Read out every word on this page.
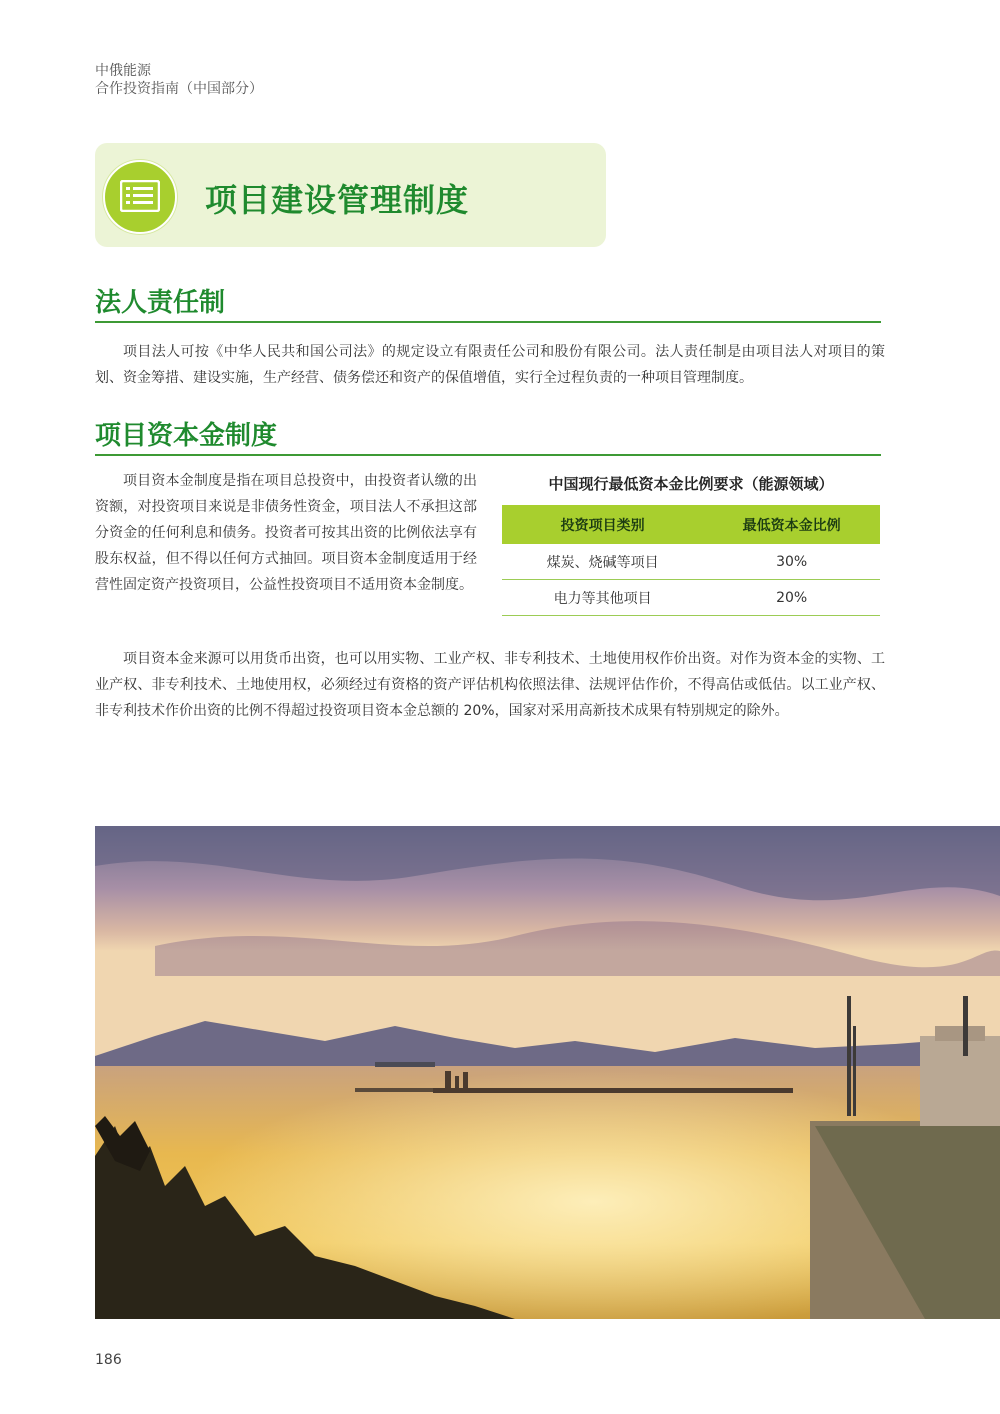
中俄能源
合作投资指南（中国部分）
项目建设管理制度
法人责任制

项目法人可按《中华人民共和国公司法》的规定设立有限责任公司和股份有限公司。法人责任制是由项目法人对项目的策划、资金筹措、建设实施，生产经营、债务偿还和资产的保值增值，实行全过程负责的一种项目管理制度。

项目资本金制度

项目资本金制度是指在项目总投资中，由投资者认缴的出资额，对投资项目来说是非债务性资金，项目法人不承担这部分资金的任何利息和债务。投资者可按其出资的比例依法享有股东权益，但不得以任何方式抽回。项目资本金制度适用于经营性固定资产投资项目，公益性投资项目不适用资本金制度。

中国现行最低资本金比例要求（能源领域）
投资项目类别	最低资本金比例
煤炭、烧碱等项目	30%
电力等其他项目	20%

项目资本金来源可以用货币出资，也可以用实物、工业产权、非专利技术、土地使用权作价出资。对作为资本金的实物、工业产权、非专利技术、土地使用权，必须经过有资格的资产评估机构依照法律、法规评估作价，不得高估或低估。以工业产权、非专利技术作价出资的比例不得超过投资项目资本金总额的 20%，国家对采用高新技术成果有特别规定的除外。

186
